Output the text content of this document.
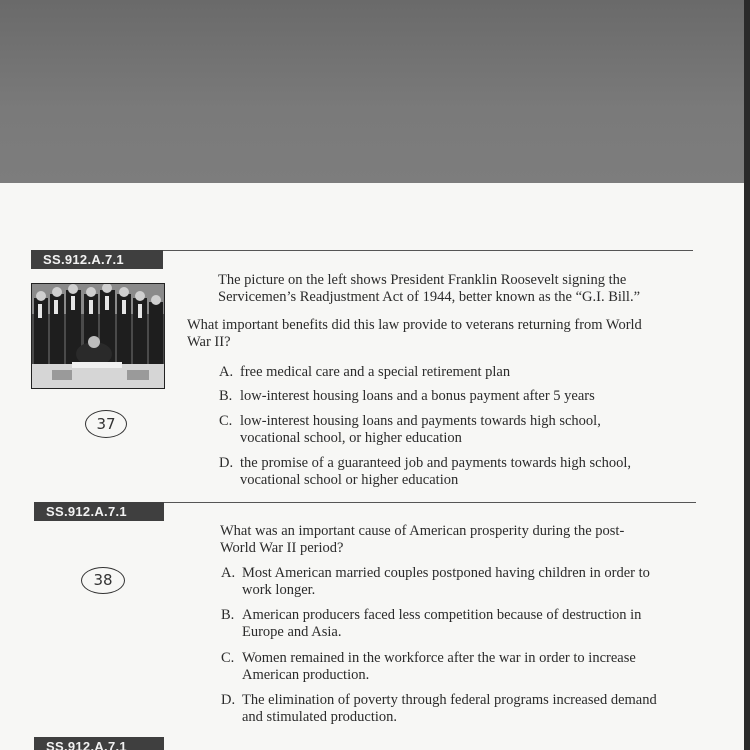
SS.912.A.7.1
37
The picture on the left shows President Franklin Roosevelt signing the
Servicemen’s Readjustment Act of 1944, better known as the “G.I. Bill.”
What important benefits did this law provide to veterans returning from World
War II?
A. free medical care and a special retirement plan
B. low-interest housing loans and a bonus payment after 5 years
C. low-interest housing loans and payments towards high school,
vocational school, or higher education
D. the promise of a guaranteed job and payments towards high school,
vocational school or higher education
SS.912.A.7.1
38
What was an important cause of American prosperity during the post-
World War II period?
A. Most American married couples postponed having children in order to
work longer.
B. American producers faced less competition because of destruction in
Europe and Asia.
C. Women remained in the workforce after the war in order to increase
American production.
D. The elimination of poverty through federal programs increased demand
and stimulated production.
SS.912.A.7.1
